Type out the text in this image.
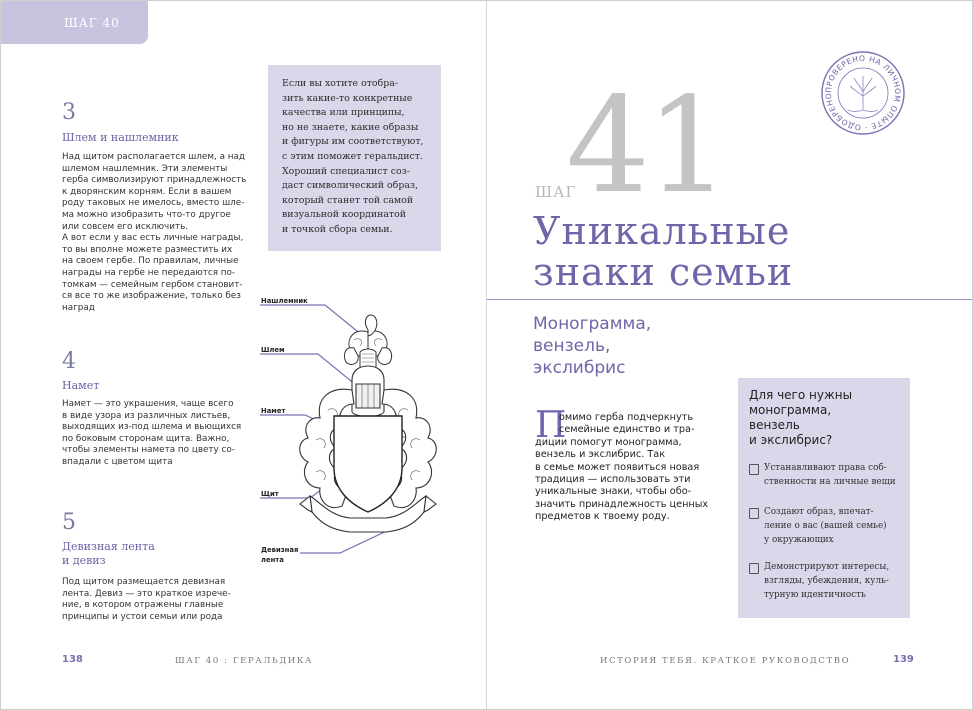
ШАГ 40
3
Шлем и нашлемник
Над щитом располагается шлем, а над
шлемом нашлемник. Эти элементы
герба символизируют принадлежность
к дворянским корням. Если в вашем
роду таковых не имелось, вместо шле-
ма можно изобразить что-то другое
или совсем его исключить.
А вот если у вас есть личные награды,
то вы вполне можете разместить их
на своем гербе. По правилам, личные
награды на гербе не передаются по-
томкам — семейным гербом становит-
ся все то же изображение, только без
наград
4
Намет
Намет — это украшения, чаще всего
в виде узора из различных листьев,
выходящих из-под шлема и вьющихся
по боковым сторонам щита. Важно,
чтобы элементы намета по цвету со-
впадали с цветом щита
5
Девизная лента
и девиз
Под щитом размещается девизная
лента. Девиз — это краткое изрече-
ние, в котором отражены главные
принципы и устои семьи или рода

Если вы хотите отобра-
зить какие-то конкретные
качества или принципы,
но не знаете, какие образы
и фигуры им соответствуют,
с этим поможет геральдист.
Хороший специалист соз-
даст символический образ,
который станет той самой
визуальной координатой
и точкой сбора семьи.

Нашлемник
Шлем
Намет
Щит
Девизная
лента
138	ШАГ 40 : ГЕРАЛЬДИКА
ПРОВЕРЕНО НА ЛИЧНОМ ОПЫТЕ · ОДОБРЕНО
41
ШАГ
Уникальные
знаки семьи
Монограмма,
вензель,
экслибрис
П
омимо герба подчеркнуть
семейные единство и тра-
диции помогут монограмма,
вензель и экслибрис. Так
в семье может появиться новая
традиция — использовать эти
уникальные знаки, чтобы обо-
значить принадлежность ценных
предметов к твоему роду.
Для чего нужны
монограмма,
вензель
и экслибрис?
Устанавливают права соб-
ственности на личные вещи
Создают образ, впечат-
ление о вас (вашей семье)
у окружающих
Демонстрируют интересы,
взгляды, убеждения, куль-
турную идентичность
ИСТОРИЯ ТЕБЯ. КРАТКОЕ РУКОВОДСТВО	139
